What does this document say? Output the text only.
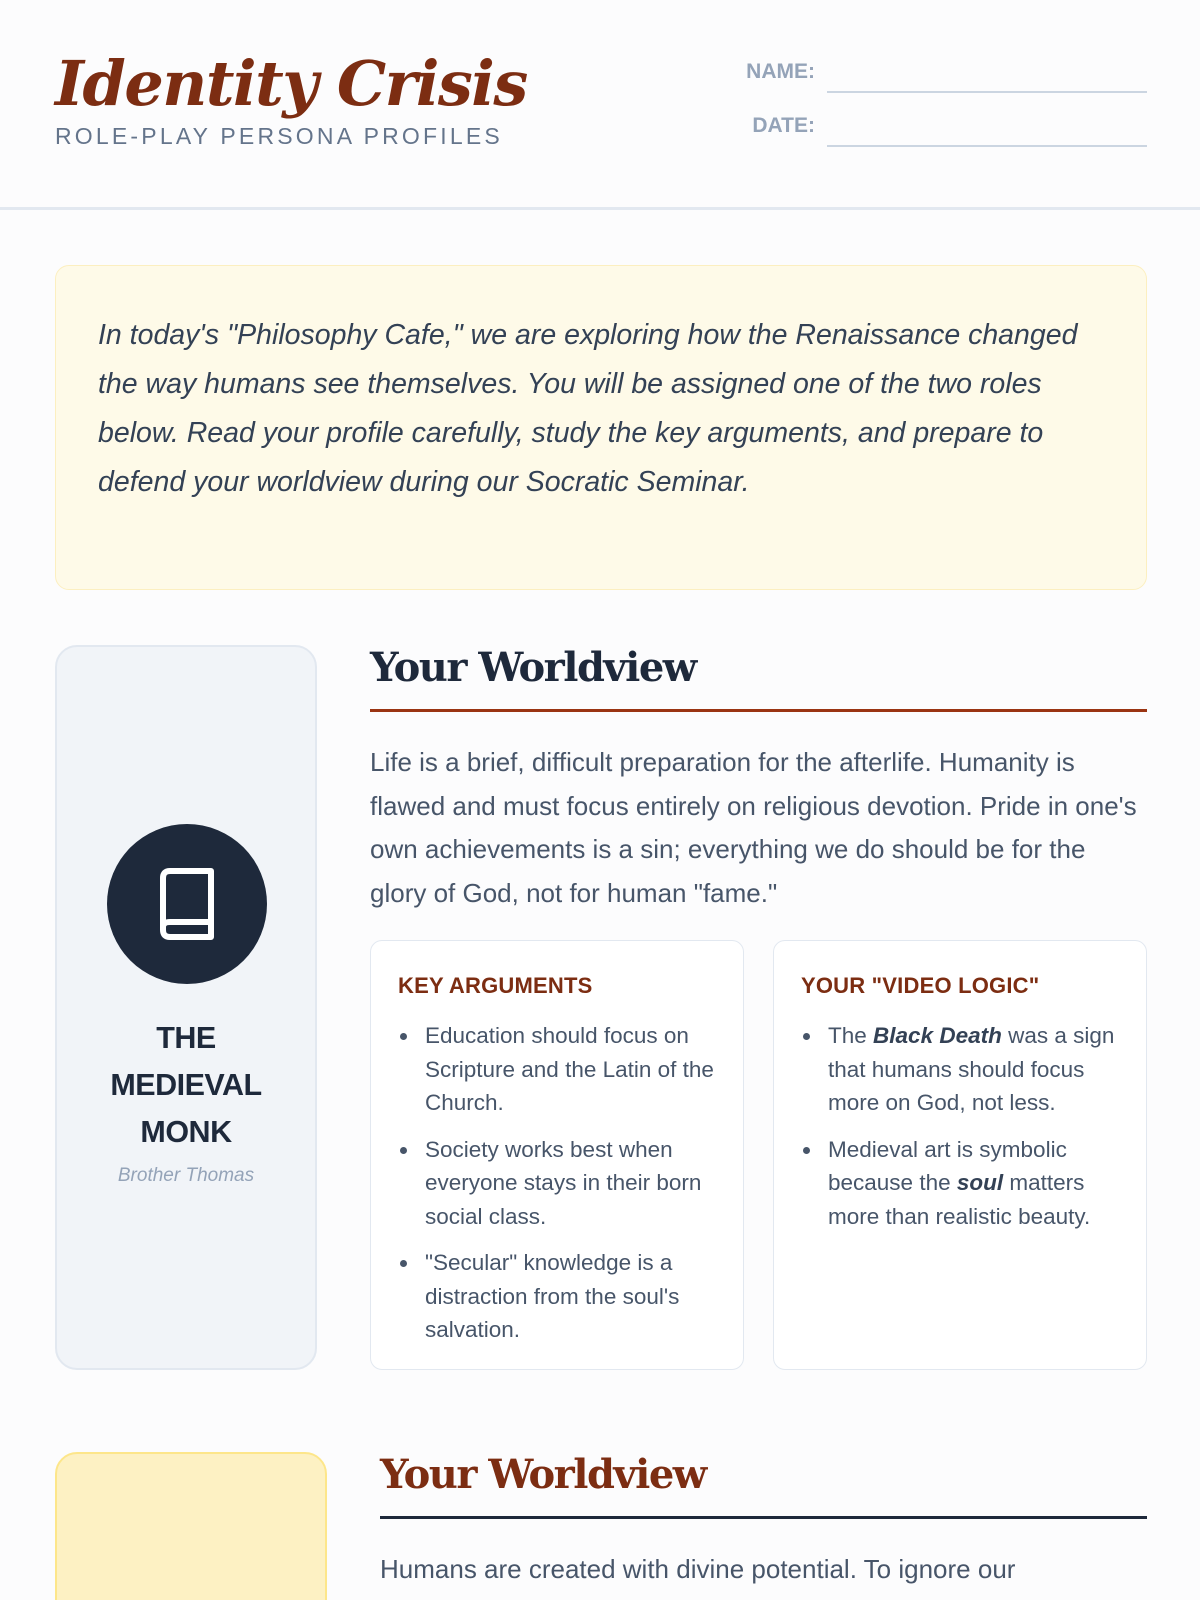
Identity Crisis
ROLE-PLAY PERSONA PROFILES
NAME:
DATE:
In today's "Philosophy Cafe," we are exploring how the Renaissance changed the way humans see themselves. You will be assigned one of the two roles below. Read your profile carefully, study the key arguments, and prepare to defend your worldview during our Socratic Seminar.
THE
MEDIEVAL
MONK
Brother Thomas
Your Worldview
Life is a brief, difficult preparation for the afterlife. Humanity is flawed and must focus entirely on religious devotion. Pride in one's own achievements is a sin; everything we do should be for the glory of God, not for human "fame."
KEY ARGUMENTS
Education should focus on Scripture and the Latin of the Church.
Society works best when everyone stays in their born social class.
"Secular" knowledge is a distraction from the soul's salvation.
YOUR "VIDEO LOGIC"
The Black Death was a sign that humans should focus more on God, not less.
Medieval art is symbolic because the soul matters more than realistic beauty.
Your Worldview
Humans are created with divine potential. To ignore our
